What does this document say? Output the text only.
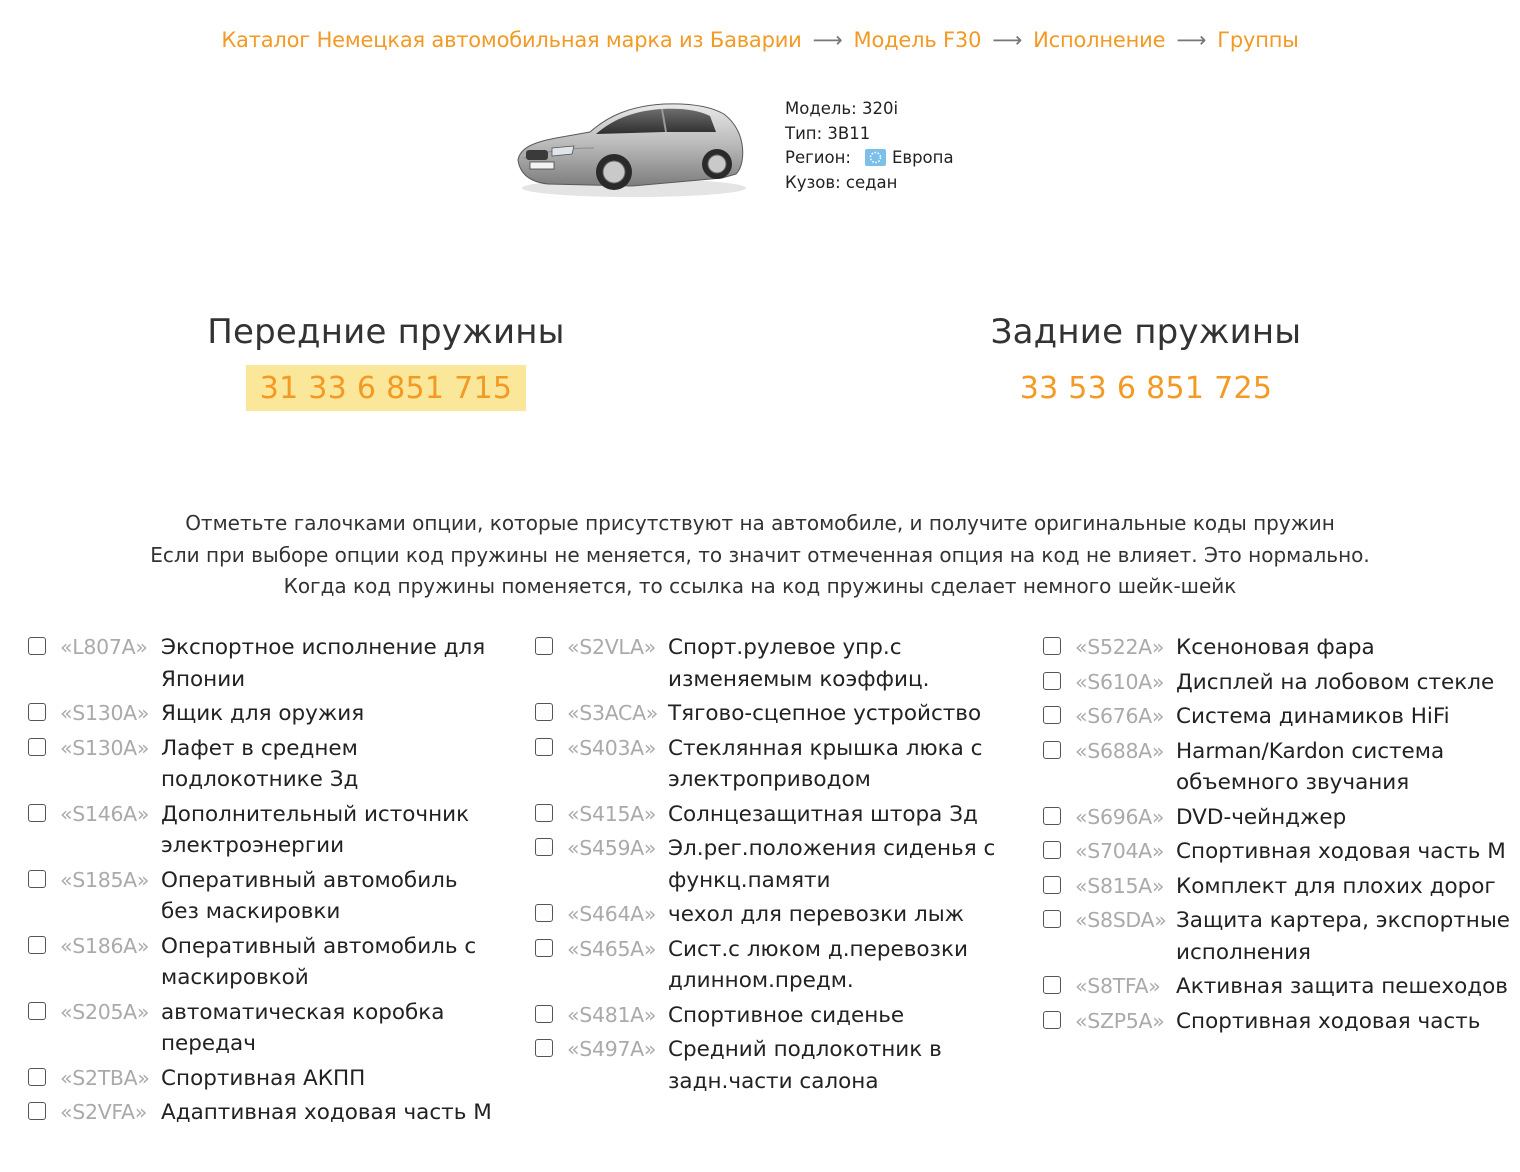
Каталог Немецкая автомобильная марка из Баварии ⟶ Модель F30 ⟶ Исполнение ⟶ Группы
Модель: 320i
Тип: 3B11
Регион: Европа
Кузов: седан
Передние пружины
31 33 6 851 715
Задние пружины
33 53 6 851 725
Отметьте галочками опции, которые присутствуют на автомобиле, и получите оригинальные коды пружин
Если при выборе опции код пружины не меняется, то значит отмеченная опция на код не влияет. Это нормально.
Когда код пружины поменяется, то ссылка на код пружины сделает немного шейк-шейк
«L807A» Экспортное исполнение для Японии
«S130A» Ящик для оружия
«S130A» Лафет в среднем подлокотнике Зд
«S146A» Дополнительный источник электроэнергии
«S185A» Оперативный автомобиль без маскировки
«S186A» Оперативный автомобиль с маскировкой
«S205A» автоматическая коробка передач
«S2TBA» Спортивная АКПП
«S2VFA» Адаптивная ходовая часть M
«S2VLA» Спорт.рулевое упр.с изменяемым коэффиц.
«S3ACA» Тягово-сцепное устройство
«S403A» Стеклянная крышка люка с электроприводом
«S415A» Солнцезащитная штора Зд
«S459A» Эл.рег.положения сиденья с функц.памяти
«S464A» чехол для перевозки лыж
«S465A» Сист.с люком д.перевозки длинном.предм.
«S481A» Спортивное сиденье
«S497A» Средний подлокотник в задн.части салона
«S522A» Ксеноновая фара
«S610A» Дисплей на лобовом стекле
«S676A» Система динамиков HiFi
«S688A» Harman/Kardon система объемного звучания
«S696A» DVD-чейнджер
«S704A» Спортивная ходовая часть M
«S815A» Комплект для плохих дорог
«S8SDA» Защита картера, экспортные исполнения
«S8TFA» Активная защита пешеходов
«SZP5A» Спортивная ходовая часть
